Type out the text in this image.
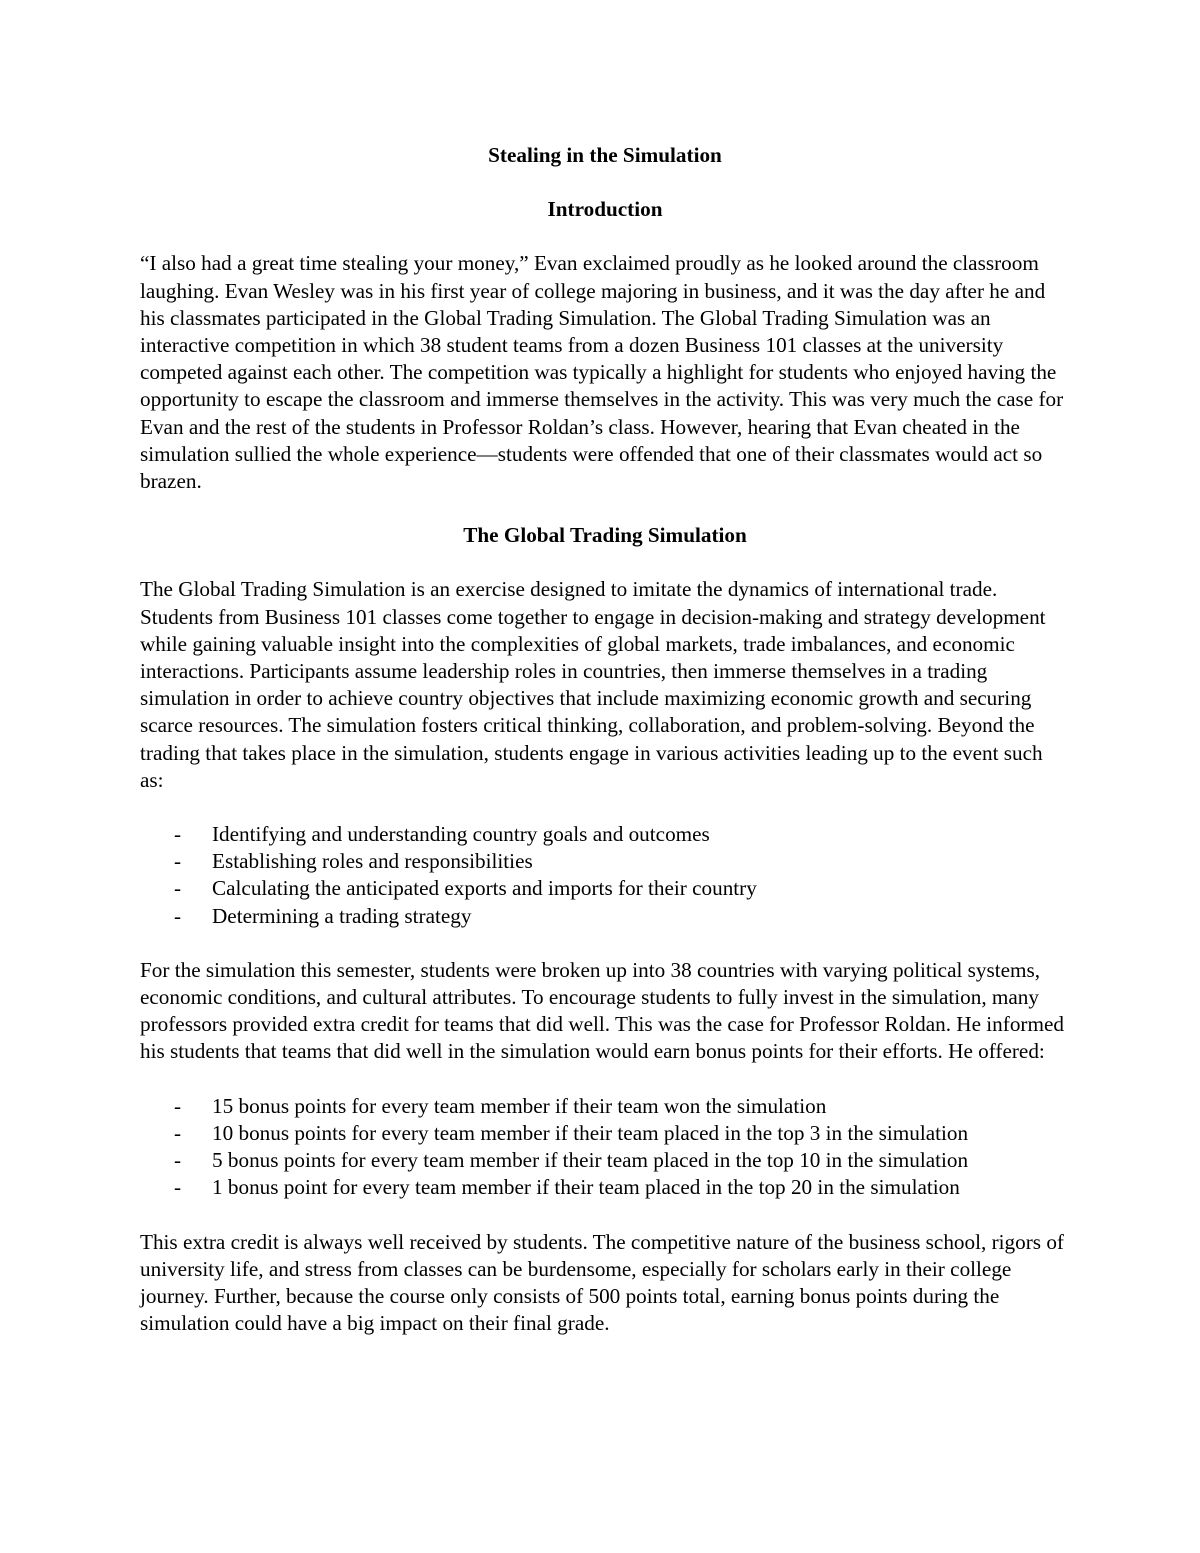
Stealing in the Simulation
Introduction

“I also had a great time stealing your money,” Evan exclaimed proudly as he looked around the classroom laughing. Evan Wesley was in his first year of college majoring in business, and it was the day after he and his classmates participated in the Global Trading Simulation. The Global Trading Simulation was an interactive competition in which 38 student teams from a dozen Business 101 classes at the university competed against each other. The competition was typically a highlight for students who enjoyed having the opportunity to escape the classroom and immerse themselves in the activity. This was very much the case for Evan and the rest of the students in Professor Roldan’s class. However, hearing that Evan cheated in the simulation sullied the whole experience—students were offended that one of their classmates would act so brazen.

The Global Trading Simulation

The Global Trading Simulation is an exercise designed to imitate the dynamics of international trade. Students from Business 101 classes come together to engage in decision-making and strategy development while gaining valuable insight into the complexities of global markets, trade imbalances, and economic interactions. Participants assume leadership roles in countries, then immerse themselves in a trading simulation in order to achieve country objectives that include maximizing economic growth and securing scarce resources. The simulation fosters critical thinking, collaboration, and problem-solving. Beyond the trading that takes place in the simulation, students engage in various activities leading up to the event such as:

- Identifying and understanding country goals and outcomes
- Establishing roles and responsibilities
- Calculating the anticipated exports and imports for their country
- Determining a trading strategy

For the simulation this semester, students were broken up into 38 countries with varying political systems, economic conditions, and cultural attributes. To encourage students to fully invest in the simulation, many professors provided extra credit for teams that did well. This was the case for Professor Roldan. He informed his students that teams that did well in the simulation would earn bonus points for their efforts. He offered:

- 15 bonus points for every team member if their team won the simulation
- 10 bonus points for every team member if their team placed in the top 3 in the simulation
- 5 bonus points for every team member if their team placed in the top 10 in the simulation
- 1 bonus point for every team member if their team placed in the top 20 in the simulation

This extra credit is always well received by students. The competitive nature of the business school, rigors of university life, and stress from classes can be burdensome, especially for scholars early in their college journey. Further, because the course only consists of 500 points total, earning bonus points during the simulation could have a big impact on their final grade.
